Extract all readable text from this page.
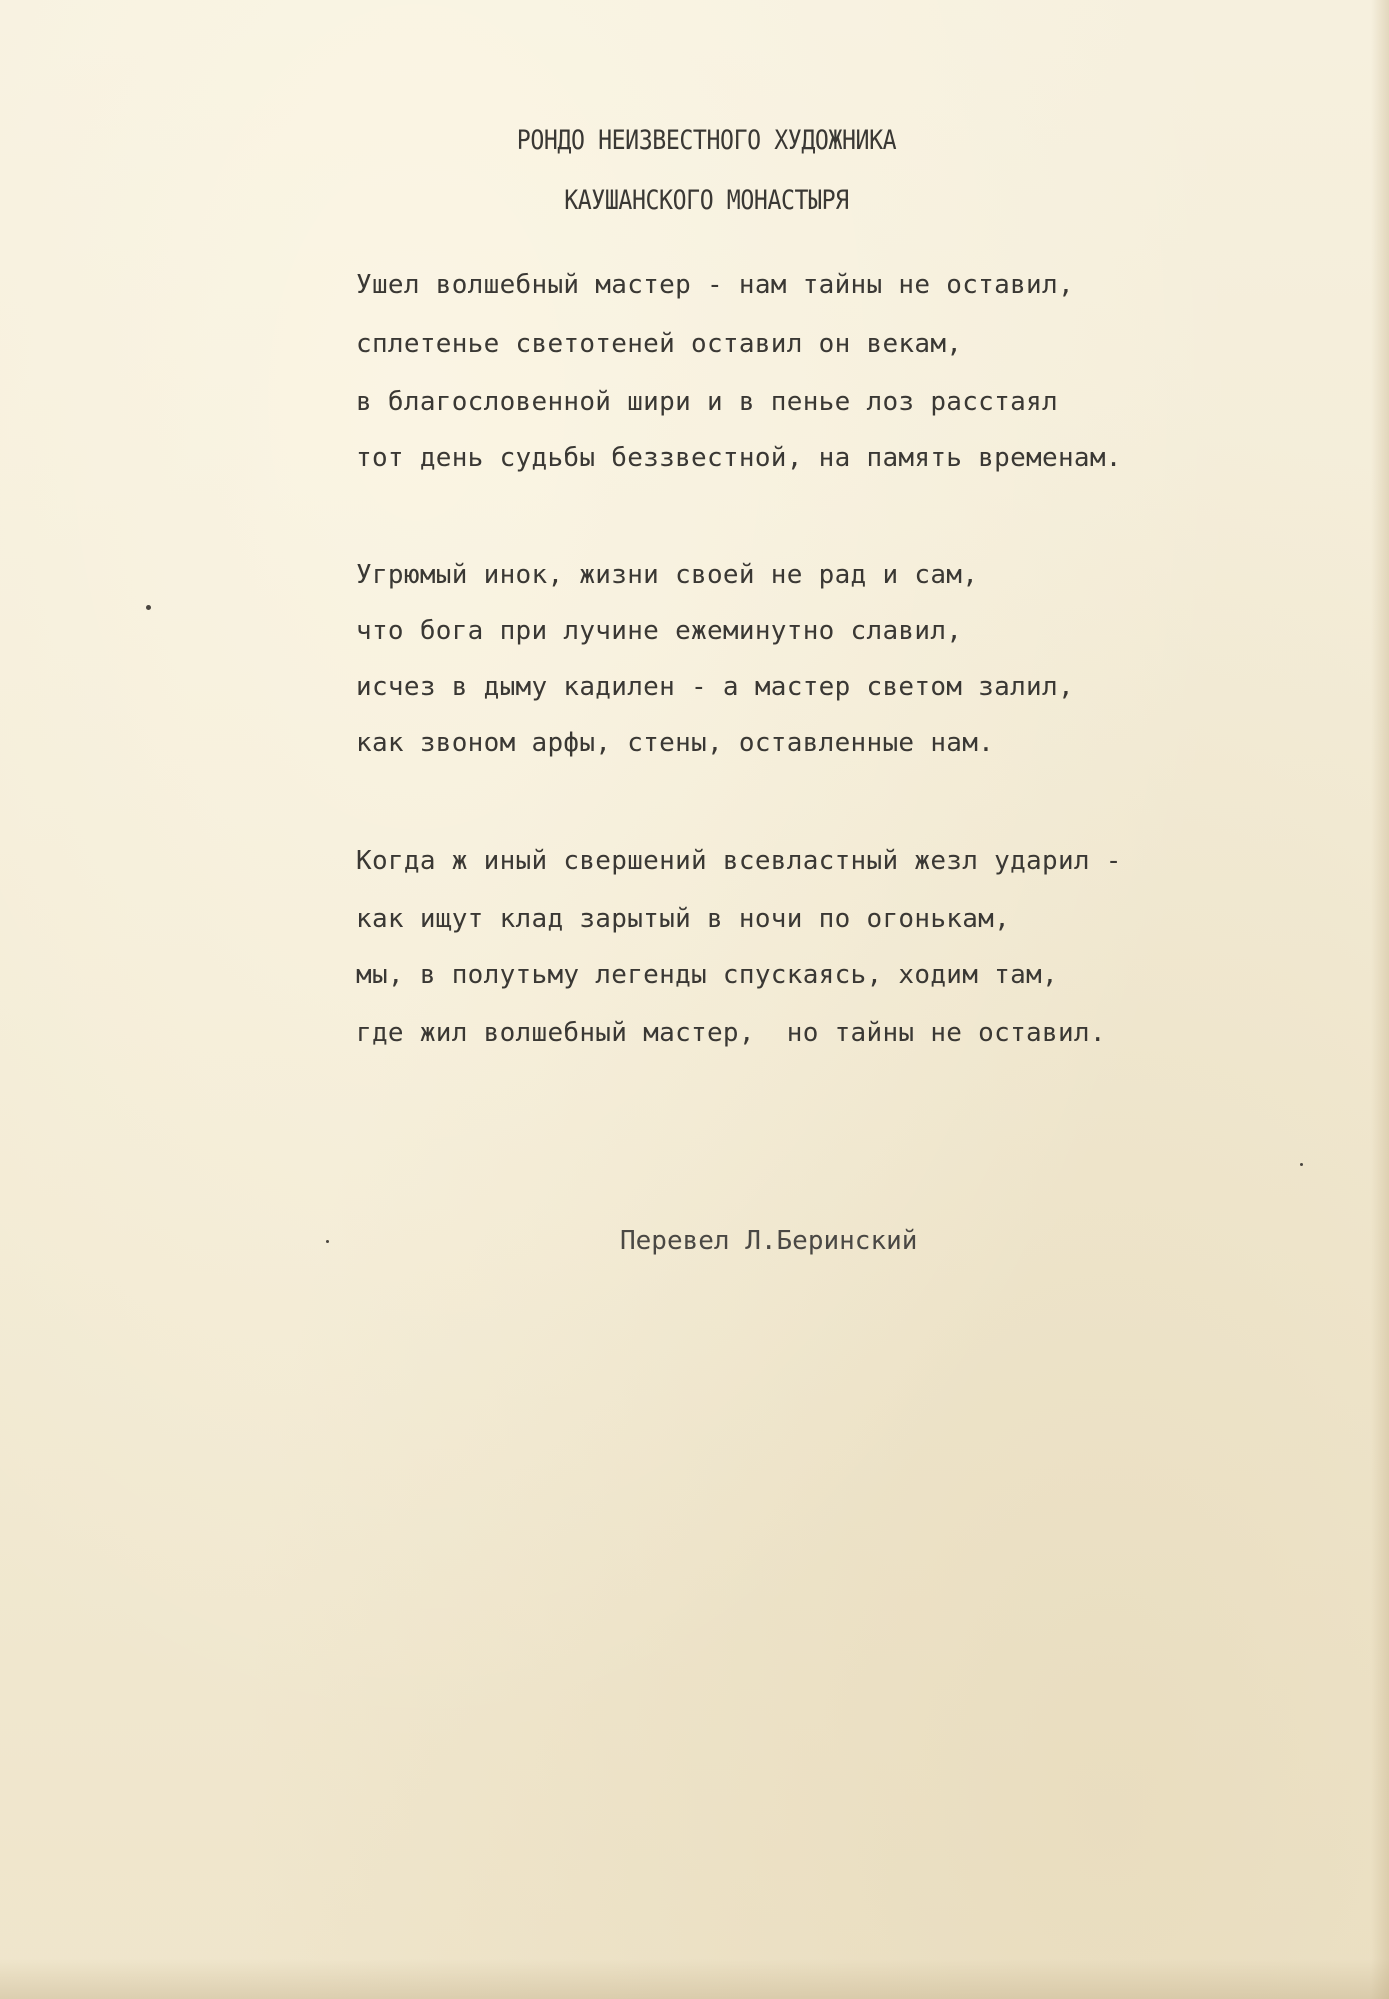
РОНДО НЕИЗВЕСТНОГО ХУДОЖНИКА
КАУШАНСКОГО МОНАСТЫРЯ
Ушел волшебный мастер - нам тайны не оставил,
сплетенье светотеней оставил он векам,
в благословенной шири и в пенье лоз расстаял
тот день судьбы беззвестной, на память временам.
Угрюмый инок, жизни своей не рад и сам,
что бога при лучине ежеминутно славил,
исчез в дыму кадилен - а мастер светом залил,
как звоном арфы, стены, оставленные нам.
Когда ж иный свершений всевластный жезл ударил -
как ищут клад зарытый в ночи по огонькам,
мы, в полутьму легенды спускаясь, ходим там,
где жил волшебный мастер,  но тайны не оставил.
Перевел Л.Беринский
